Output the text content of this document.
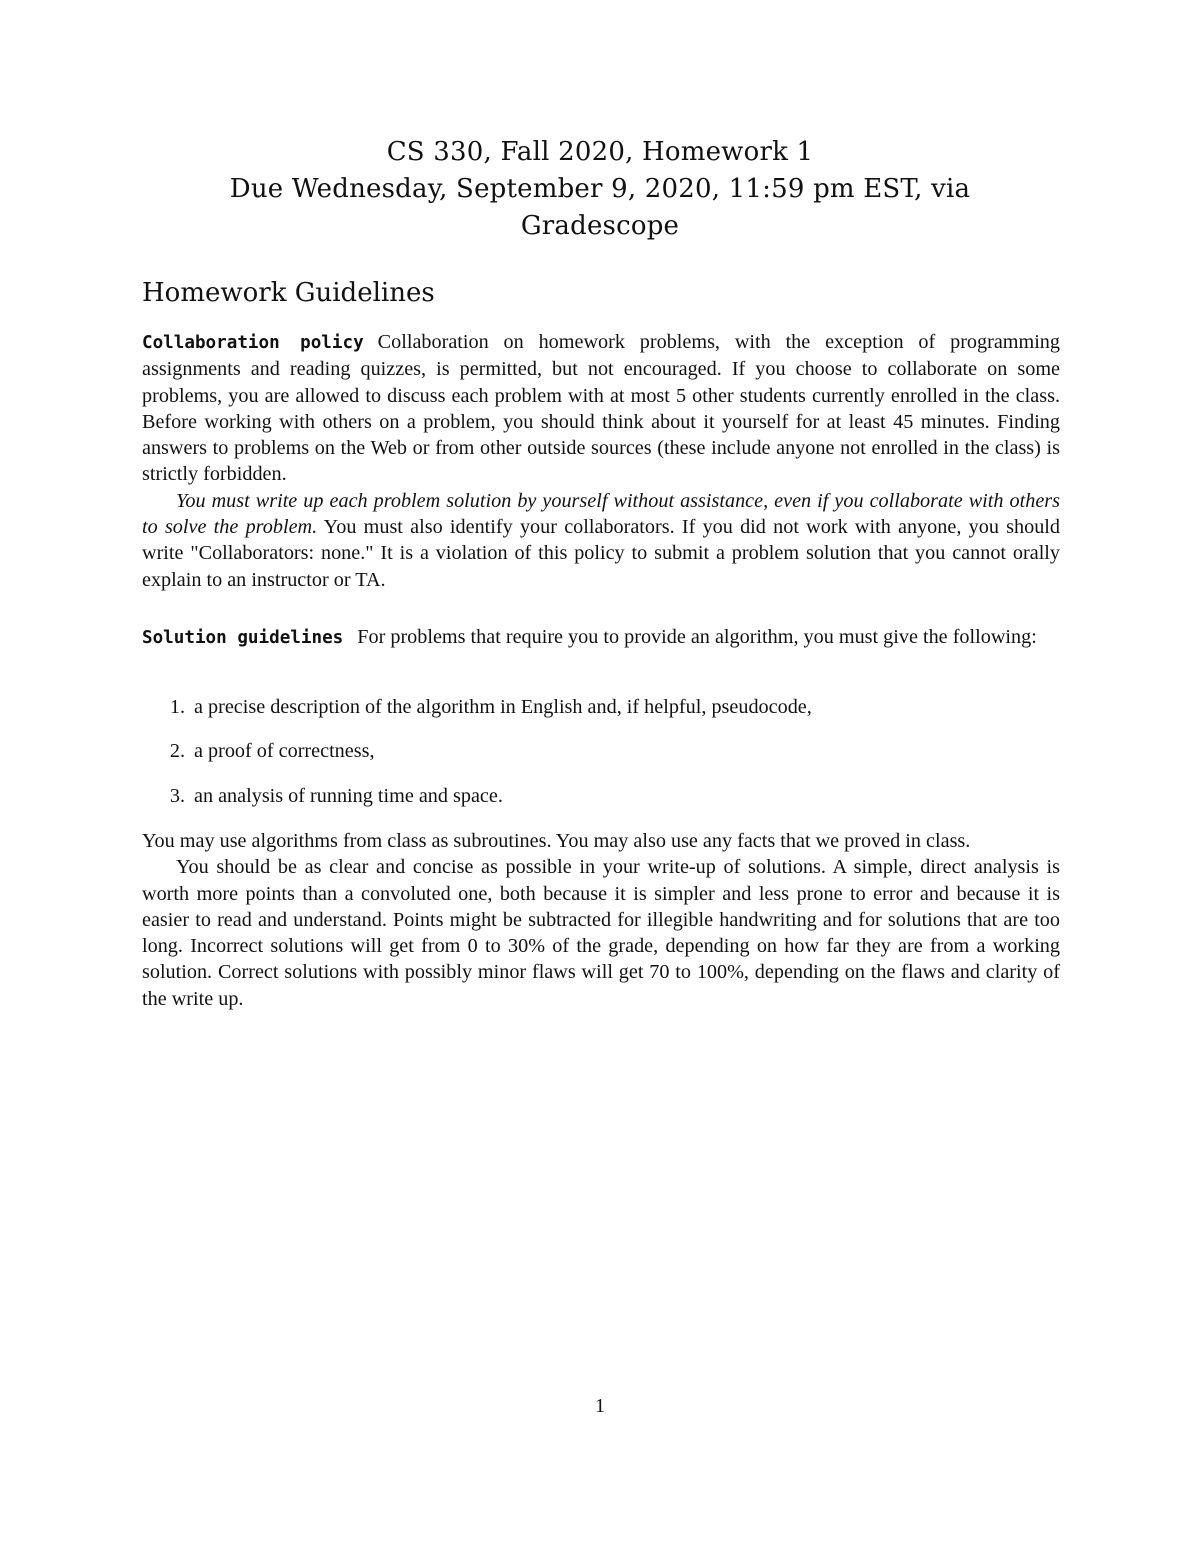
CS 330, Fall 2020, Homework 1
Due Wednesday, September 9, 2020, 11:59 pm EST, via
Gradescope
Homework Guidelines

Collaboration policy Collaboration on homework problems, with the exception of programming assignments and reading quizzes, is permitted, but not encouraged. If you choose to collaborate on some problems, you are allowed to discuss each problem with at most 5 other students currently enrolled in the class. Before working with others on a problem, you should think about it yourself for at least 45 minutes. Finding answers to problems on the Web or from other outside sources (these include anyone not enrolled in the class) is strictly forbidden.

You must write up each problem solution by yourself without assistance, even if you collaborate with others to solve the problem. You must also identify your collaborators. If you did not work with anyone, you should write "Collaborators: none." It is a violation of this policy to submit a problem solution that you cannot orally explain to an instructor or TA.

Solution guidelines For problems that require you to provide an algorithm, you must give the following:

1. a precise description of the algorithm in English and, if helpful, pseudocode,
2. a proof of correctness,
3. an analysis of running time and space.

You may use algorithms from class as subroutines. You may also use any facts that we proved in class.

You should be as clear and concise as possible in your write-up of solutions. A simple, direct analysis is worth more points than a convoluted one, both because it is simpler and less prone to error and because it is easier to read and understand. Points might be subtracted for illegible handwriting and for solutions that are too long. Incorrect solutions will get from 0 to 30% of the grade, depending on how far they are from a working solution. Correct solutions with possibly minor flaws will get 70 to 100%, depending on the flaws and clarity of the write up.

1
